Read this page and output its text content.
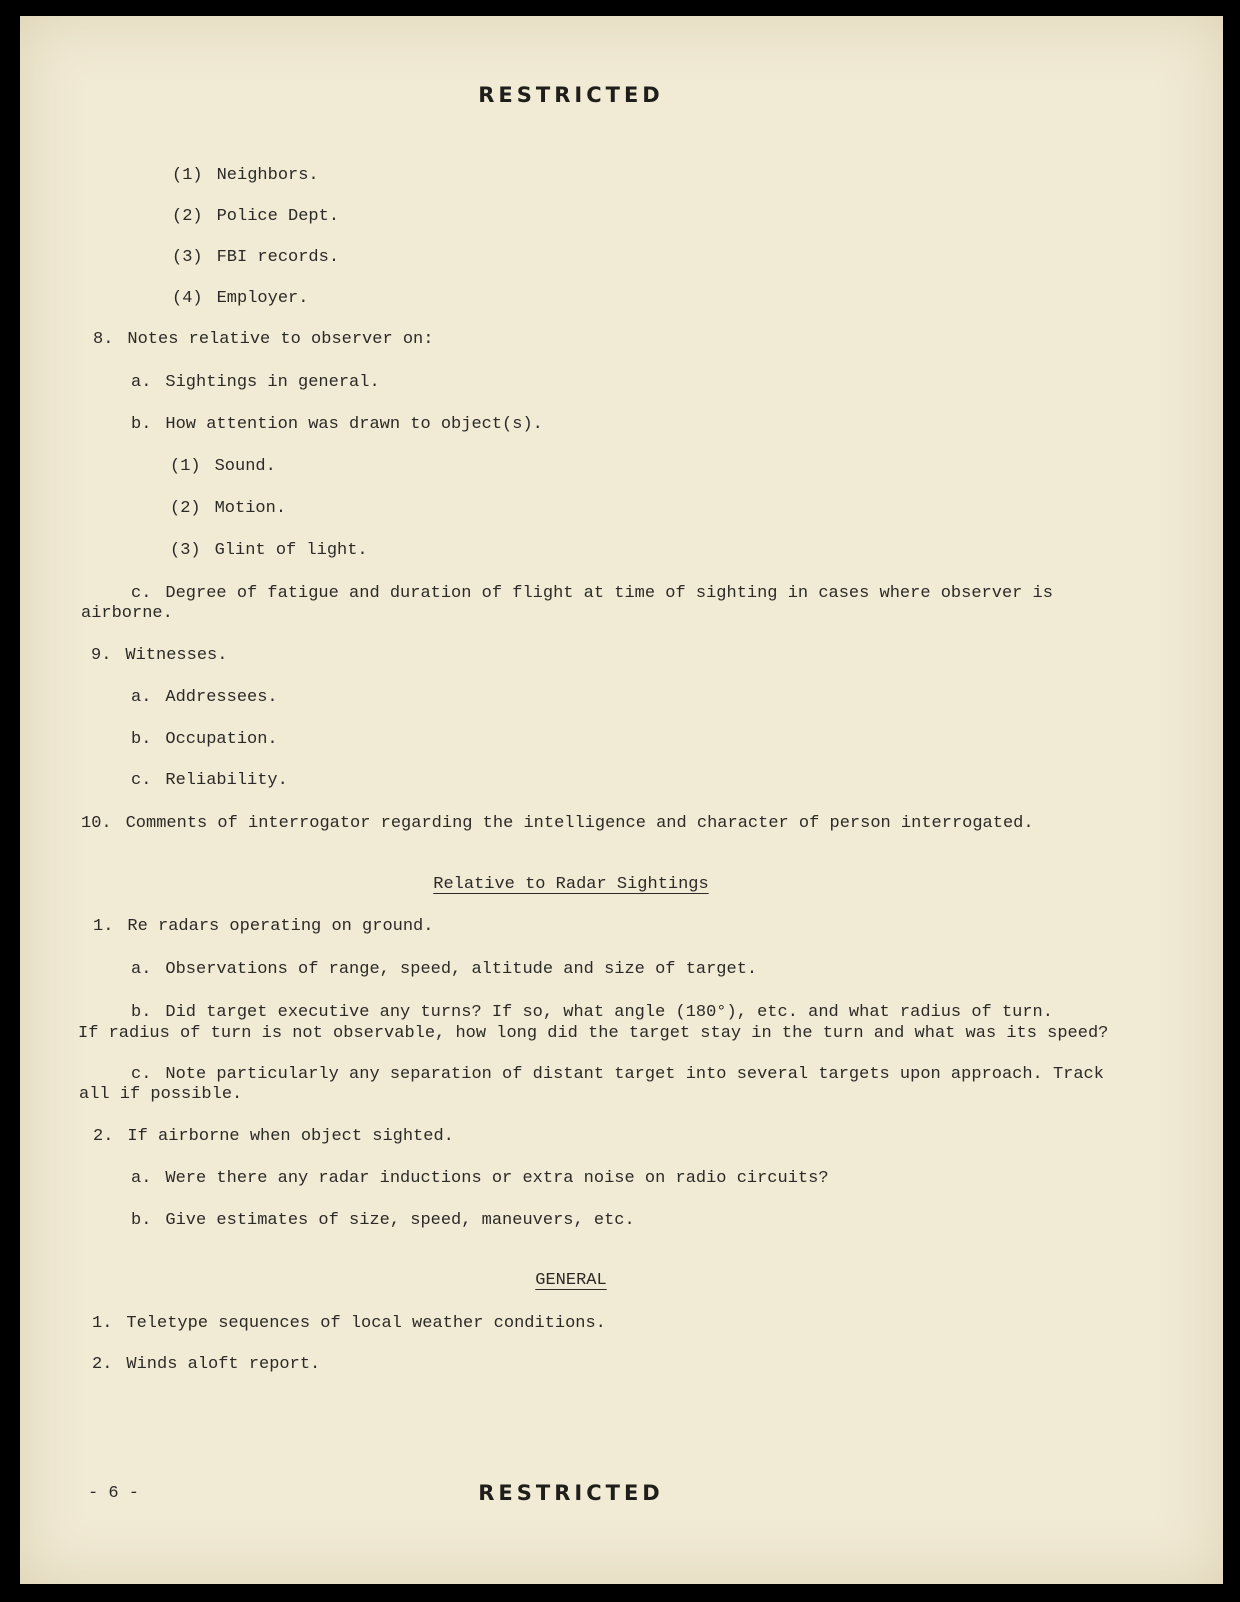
RESTRICTED
(1) Neighbors.
(2) Police Dept.
(3) FBI records.
(4) Employer.
8. Notes relative to observer on:
a. Sightings in general.
b. How attention was drawn to object(s).
(1) Sound.
(2) Motion.
(3) Glint of light.
c. Degree of fatigue and duration of flight at time of sighting in cases where observer is
airborne.
9. Witnesses.
a. Addressees.
b. Occupation.
c. Reliability.
10. Comments of interrogator regarding the intelligence and character of person interrogated.
Relative to Radar Sightings
1. Re radars operating on ground.
a. Observations of range, speed, altitude and size of target.
b. Did target executive any turns? If so, what angle (180°), etc. and what radius of turn.
If radius of turn is not observable, how long did the target stay in the turn and what was its speed?
c. Note particularly any separation of distant target into several targets upon approach. Track
all if possible.
2. If airborne when object sighted.
a. Were there any radar inductions or extra noise on radio circuits?
b. Give estimates of size, speed, maneuvers, etc.
GENERAL
1. Teletype sequences of local weather conditions.
2. Winds aloft report.
- 6 -	RESTRICTED
